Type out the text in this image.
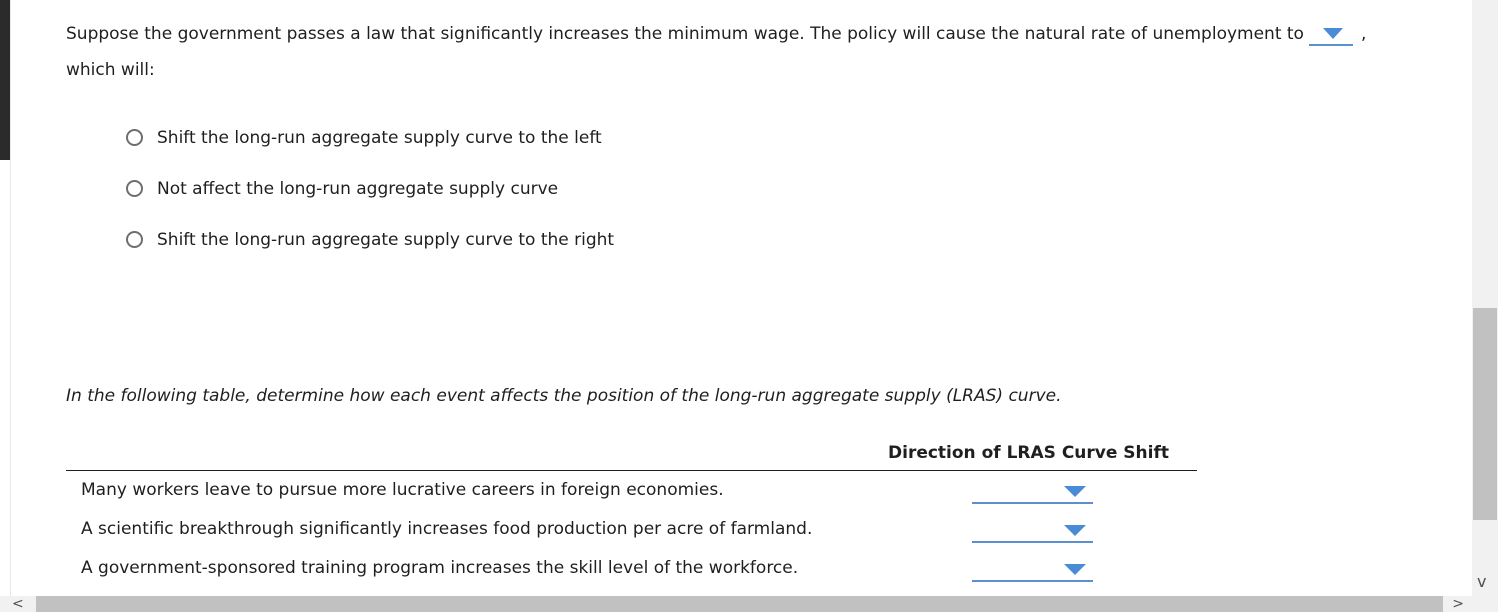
Suppose the government passes a law that significantly increases the minimum wage. The policy will cause the natural rate of unemployment to	, which will:
Shift the long-run aggregate supply curve to the left
Not affect the long-run aggregate supply curve
Shift the long-run aggregate supply curve to the right
In the following table, determine how each event affects the position of the long-run aggregate supply (LRAS) curve.
Direction of LRAS Curve Shift
Many workers leave to pursue more lucrative careers in foreign economies.
A scientific breakthrough significantly increases food production per acre of farmland.
A government-sponsored training program increases the skill level of the workforce.
v
<	>
